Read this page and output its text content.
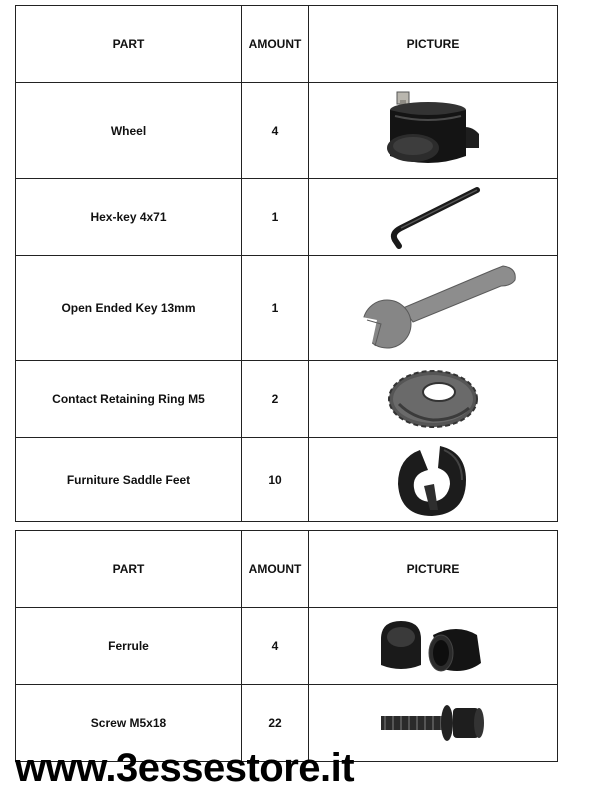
PART	AMOUNT	PICTURE
Wheel	4	

Hex-key 4x71	1	

Open Ended Key 13mm	1	

Contact Retaining Ring M5	2	

Furniture Saddle Feet	10	
PART	AMOUNT	PICTURE
Ferrule	4	

Screw M5x18	22	
www.3essestore.it
